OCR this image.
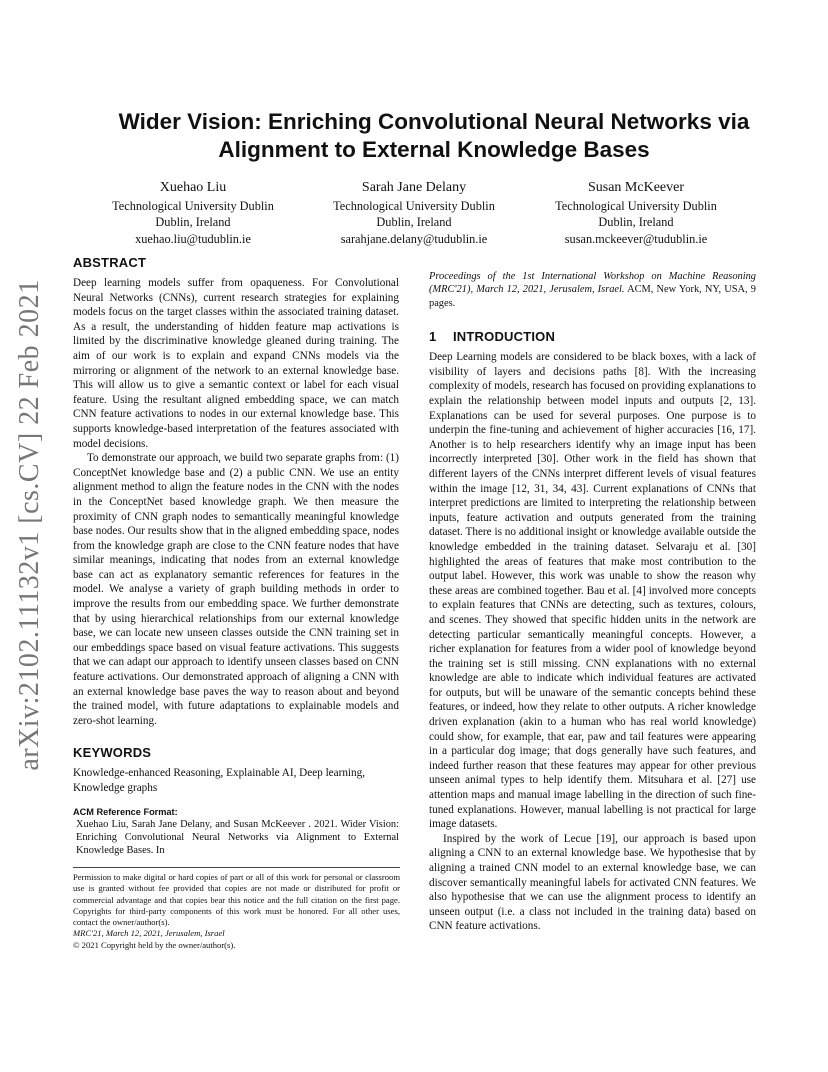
arXiv:2102.11132v1 [cs.CV] 22 Feb 2021
Wider Vision: Enriching Convolutional Neural Networks via
Alignment to External Knowledge Bases
Xuehao Liu
Technological University Dublin
Dublin, Ireland
xuehao.liu@tudublin.ie
Sarah Jane Delany
Technological University Dublin
Dublin, Ireland
sarahjane.delany@tudublin.ie
Susan McKeever
Technological University Dublin
Dublin, Ireland
susan.mckeever@tudublin.ie
ABSTRACT

Deep learning models suffer from opaqueness. For Convolutional Neural Networks (CNNs), current research strategies for explaining models focus on the target classes within the associated training dataset. As a result, the understanding of hidden feature map activations is limited by the discriminative knowledge gleaned during training. The aim of our work is to explain and expand CNNs models via the mirroring or alignment of the network to an external knowledge base. This will allow us to give a semantic context or label for each visual feature. Using the resultant aligned embedding space, we can match CNN feature activations to nodes in our external knowledge base. This supports knowledge-based interpretation of the features associated with model decisions.

To demonstrate our approach, we build two separate graphs from: (1) ConceptNet knowledge base and (2) a public CNN. We use an entity alignment method to align the feature nodes in the CNN with the nodes in the ConceptNet based knowledge graph. We then measure the proximity of CNN graph nodes to semantically meaningful knowledge base nodes. Our results show that in the aligned embedding space, nodes from the knowledge graph are close to the CNN feature nodes that have similar meanings, indicating that nodes from an external knowledge base can act as explanatory semantic references for features in the model. We analyse a variety of graph building methods in order to improve the results from our embedding space. We further demonstrate that by using hierarchical relationships from our external knowledge base, we can locate new unseen classes outside the CNN training set in our embeddings space based on visual feature activations. This suggests that we can adapt our approach to identify unseen classes based on CNN feature activations. Our demonstrated approach of aligning a CNN with an external knowledge base paves the way to reason about and beyond the trained model, with future adaptations to explainable models and zero-shot learning.

KEYWORDS

Knowledge-enhanced Reasoning, Explainable AI, Deep learning, Knowledge graphs

ACM Reference Format:
Xuehao Liu, Sarah Jane Delany, and Susan McKeever . 2021. Wider Vision: Enriching Convolutional Neural Networks via Alignment to External Knowledge Bases. In
Permission to make digital or hard copies of part or all of this work for personal or classroom use is granted without fee provided that copies are not made or distributed for profit or commercial advantage and that copies bear this notice and the full citation on the first page. Copyrights for third-party components of this work must be honored. For all other uses, contact the owner/author(s).
MRC'21, March 12, 2021, Jerusalem, Israel
© 2021 Copyright held by the owner/author(s).
Proceedings of the 1st International Workshop on Machine Reasoning (MRC'21), March 12, 2021, Jerusalem, Israel. ACM, New York, NY, USA, 9 pages.
1 INTRODUCTION

Deep Learning models are considered to be black boxes, with a lack of visibility of layers and decisions paths [8]. With the increasing complexity of models, research has focused on providing explanations to explain the relationship between model inputs and outputs [2, 13]. Explanations can be used for several purposes. One purpose is to underpin the fine-tuning and achievement of higher accuracies [16, 17]. Another is to help researchers identify why an image input has been incorrectly interpreted [30]. Other work in the field has shown that different layers of the CNNs interpret different levels of visual features within the image [12, 31, 34, 43]. Current explanations of CNNs that interpret predictions are limited to interpreting the relationship between inputs, feature activation and outputs generated from the training dataset. There is no additional insight or knowledge available outside the knowledge embedded in the training dataset. Selvaraju et al. [30] highlighted the areas of features that make most contribution to the output label. However, this work was unable to show the reason why these areas are combined together. Bau et al. [4] involved more concepts to explain features that CNNs are detecting, such as textures, colours, and scenes. They showed that specific hidden units in the network are detecting particular semantically meaningful concepts. However, a richer explanation for features from a wider pool of knowledge beyond the training set is still missing. CNN explanations with no external knowledge are able to indicate which individual features are activated for outputs, but will be unaware of the semantic concepts behind these features, or indeed, how they relate to other outputs. A richer knowledge driven explanation (akin to a human who has real world knowledge) could show, for example, that ear, paw and tail features were appearing in a particular dog image; that dogs generally have such features, and indeed further reason that these features may appear for other previous unseen animal types to help identify them. Mitsuhara et al. [27] use attention maps and manual image labelling in the direction of such fine-tuned explanations. However, manual labelling is not practical for large image datasets.

Inspired by the work of Lecue [19], our approach is based upon aligning a CNN to an external knowledge base. We hypothesise that by aligning a trained CNN model to an external knowledge base, we can discover semantically meaningful labels for activated CNN features. We also hypothesise that we can use the alignment process to identify an unseen output (i.e. a class not included in the training data) based on CNN feature activations.
